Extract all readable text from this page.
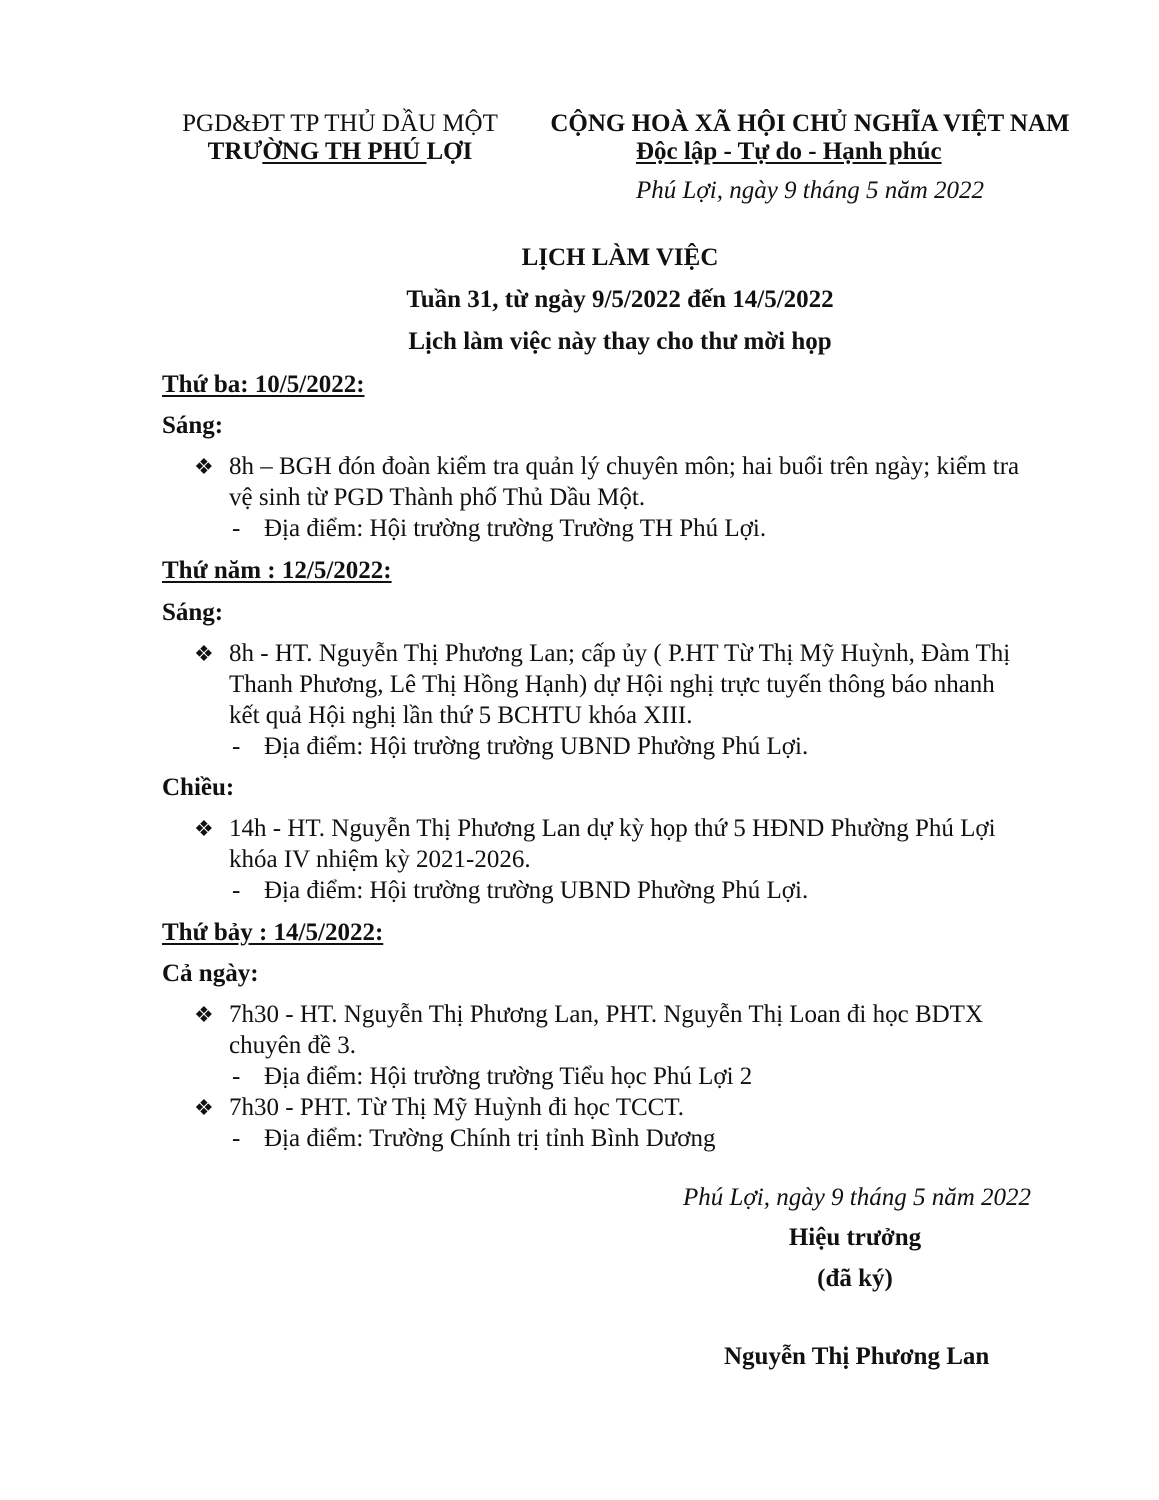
PGD&ĐT TP THỦ DẦU MỘT
TRƯỜNG TH PHÚ LỢI
CỘNG HOÀ XÃ HỘI CHỦ NGHĨA VIỆT NAM
Độc lập - Tự do - Hạnh phúc
Phú Lợi, ngày 9 tháng 5 năm 2022
LỊCH LÀM VIỆC
Tuần 31, từ ngày 9/5/2022 đến 14/5/2022
Lịch làm việc này thay cho thư mời họp
Thứ ba: 10/5/2022:
Sáng:
❖ 8h – BGH đón đoàn kiểm tra quản lý chuyên môn; hai buổi trên ngày; kiểm tra
vệ sinh từ PGD Thành phố Thủ Dầu Một.
- Địa điểm: Hội trường trường Trường TH Phú Lợi.
Thứ năm : 12/5/2022:
Sáng:
❖ 8h - HT. Nguyễn Thị Phương Lan; cấp ủy ( P.HT Từ Thị Mỹ Huỳnh, Đàm Thị
Thanh Phương, Lê Thị Hồng Hạnh) dự Hội nghị trực tuyến thông báo nhanh
kết quả Hội nghị lần thứ 5 BCHTU khóa XIII.
- Địa điểm: Hội trường trường UBND Phường Phú Lợi.
Chiều:
❖ 14h - HT. Nguyễn Thị Phương Lan dự kỳ họp thứ 5 HĐND Phường Phú Lợi
khóa IV nhiệm kỳ 2021-2026.
- Địa điểm: Hội trường trường UBND Phường Phú Lợi.
Thứ bảy : 14/5/2022:
Cả ngày:
❖ 7h30 - HT. Nguyễn Thị Phương Lan, PHT. Nguyễn Thị Loan đi học BDTX
chuyên đề 3.
- Địa điểm: Hội trường trường Tiểu học Phú Lợi 2
❖ 7h30 - PHT. Từ Thị Mỹ Huỳnh đi học TCCT.
- Địa điểm: Trường Chính trị tỉnh Bình Dương
Phú Lợi, ngày 9 tháng 5 năm 2022
Hiệu trưởng
(đã ký)
Nguyễn Thị Phương Lan
